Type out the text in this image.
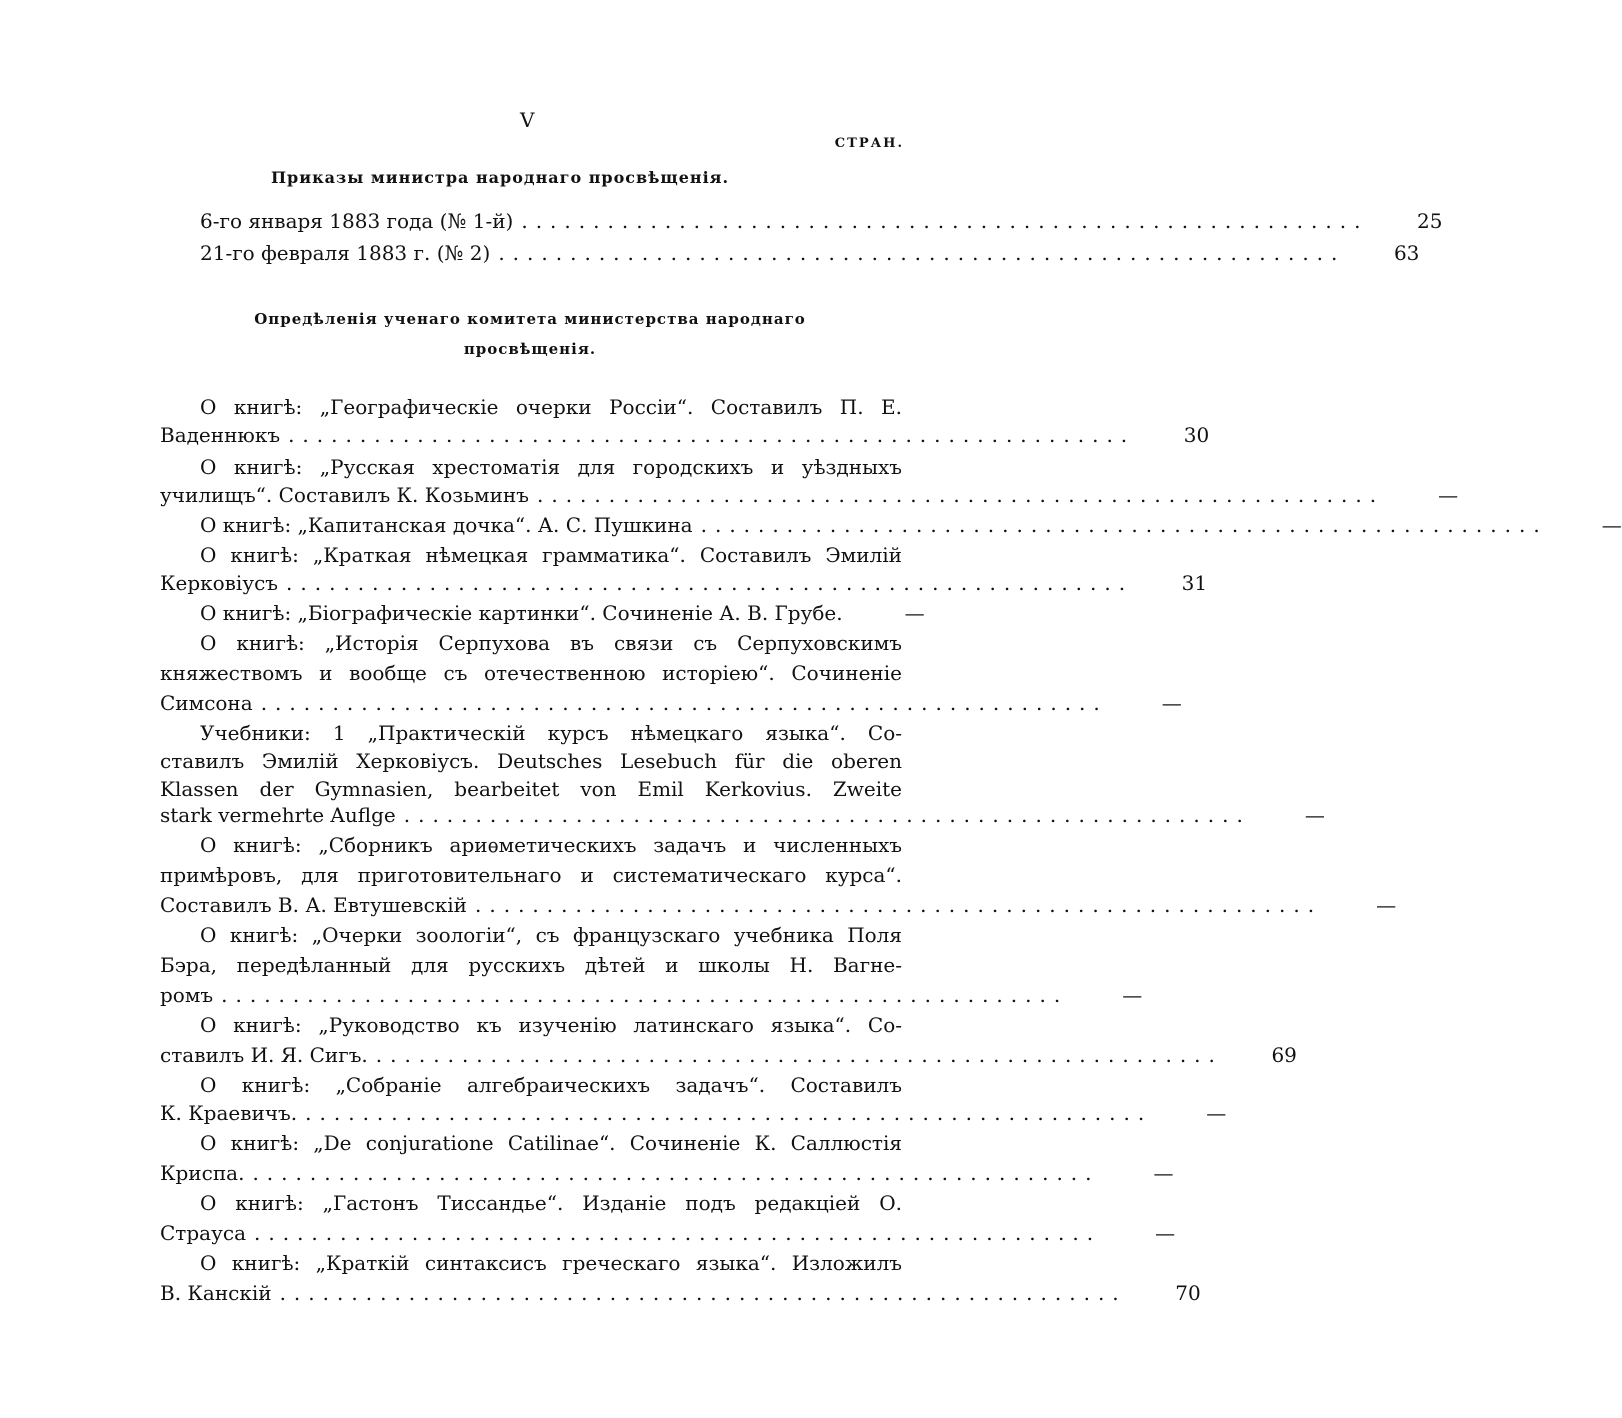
V
СТРАН.
Приказы министра народнаго просвѣщенія.
6-го января 1883 года (№ 1-й) ...........................................................	25
21-го февраля 1883 г. (№ 2) ...........................................................	63
Опредѣленія ученаго комитета министерства народнаго
просвѣщенія.
О книгѣ: „Географическіе очерки Россіи“. Составилъ П. Е.
Ваденнюкъ ...........................................................	30
О книгѣ: „Русская хрестоматія для городскихъ и уѣздныхъ
училищъ“. Составилъ К. Козьминъ ...........................................................	—
О книгѣ: „Капитанская дочка“. А. С. Пушкина ...........................................................	—
О книгѣ: „Краткая нѣмецкая грамматика“. Составилъ Эмилій
Керковіусъ ...........................................................	31
О книгѣ: „Біографическіе картинки“. Сочиненіе А. В. Грубе.	—
О книгѣ: „Исторія Серпухова въ связи съ Серпуховскимъ
княжествомъ и вообще съ отечественною исторіею“. Сочиненіе
Симсона ...........................................................	—
Учебники: 1 „Практическій курсъ нѣмецкаго языка“. Со-
ставилъ Эмилій Херковіусъ. Deutsches Lesebuch für die oberen
Klassen der Gymnasien, bearbeitet von Emil Kerkovius. Zweite
stark vermehrte Auflge ...........................................................	—
О книгѣ: „Сборникъ ариѳметическихъ задачъ и численныхъ
примѣровъ, для приготовительнаго и систематическаго курса“.
Составилъ В. А. Евтушевскій ...........................................................	—
О книгѣ: „Очерки зоологіи“, съ французскаго учебника Поля
Бэра, передѣланный для русскихъ дѣтей и школы Н. Вагне-
ромъ ...........................................................	—
О книгѣ: „Руководство къ изученію латинскаго языка“. Со-
ставилъ И. Я. Сигъ. ...........................................................	69
О книгѣ: „Собраніе алгебраическихъ задачъ“. Составилъ
К. Краевичъ. ...........................................................	—
О книгѣ: „De conjuratione Catilinae“. Сочиненіе К. Саллюстія
Криспа. ...........................................................	—
О книгѣ: „Гастонъ Тиссандье“. Изданіе подъ редакціей О.
Страуса ...........................................................	—
О книгѣ: „Краткій синтаксисъ греческаго языка“. Изложилъ
В. Канскій ...........................................................	70
